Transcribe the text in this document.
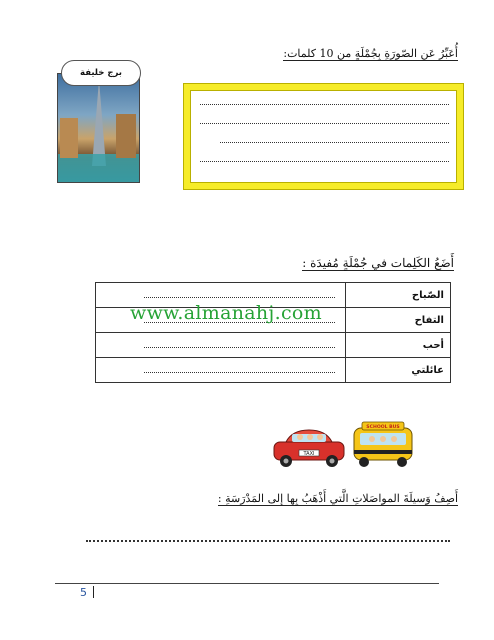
أُعَبِّرُ عَن الصّورَةِ بِجُمْلَةٍ من 10 كلمات:
برج خليفة
أَضَعُ الكَلِمات في جُمْلَةٍ مُفيدَة :
	الصّباح

	التفاح

	أحب

	عائلتي
www.almanahj.com
TAXI
SCHOOL BUS
أَصِفُ وَسيلَةَ المواصَلاتِ الَّتي أَذْهَبُ بِها إلى المَدْرَسَةِ :
5
